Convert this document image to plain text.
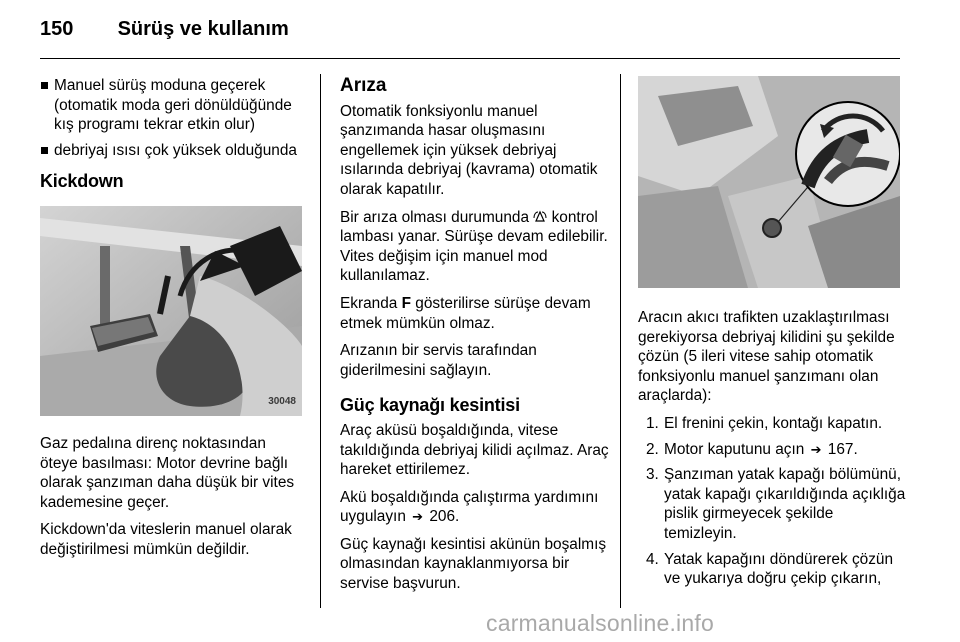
150 Sürüş ve kullanım
Manuel sürüş moduna geçerek (otomatik moda geri dönüldüğünde kış programı tekrar etkin olur)
debriyaj ısısı çok yüksek olduğunda
Kickdown
30048

Gaz pedalına direnç noktasından öteye basılması: Motor devrine bağlı olarak şanzıman daha düşük bir vites kademesine geçer.

Kickdown'da viteslerin manuel olarak değiştirilmesi mümkün değildir.

Arıza

Otomatik fonksiyonlu manuel şanzımanda hasar oluşmasını engellemek için yüksek debriyaj ısılarında debriyaj (kavrama) otomatik olarak kapatılır.

Bir arıza olması durumunda kontrol lambası yanar. Sürüşe devam edilebilir. Vites değişim için manuel mod kullanılamaz.

Ekranda F gösterilirse sürüşe devam etmek mümkün olmaz.

Arızanın bir servis tarafından giderilmesini sağlayın.

Güç kaynağı kesintisi

Araç aküsü boşaldığında, vitese takıldığında debriyaj kilidi açılmaz. Araç hareket ettirilemez.

Akü boşaldığında çalıştırma yardımını uygulayın ➔ 206.

Güç kaynağı kesintisi akünün boşalmış olmasından kaynaklanmıyorsa bir servise başvurun.

Aracın akıcı trafikten uzaklaştırılması gerekiyorsa debriyaj kilidini şu şekilde çözün (5 ileri vitese sahip otomatik fonksiyonlu manuel şanzımanı olan araçlarda):

1. El frenini çekin, kontağı kapatın.
2. Motor kaputunu açın ➔ 167.
3. Şanzıman yatak kapağı bölümünü, yatak kapağı çıkarıldığında açıklığa pislik girmeyecek şekilde temizleyin.
4. Yatak kapağını döndürerek çözün ve yukarıya doğru çekip çıkarın,
carmanualsonline.info
